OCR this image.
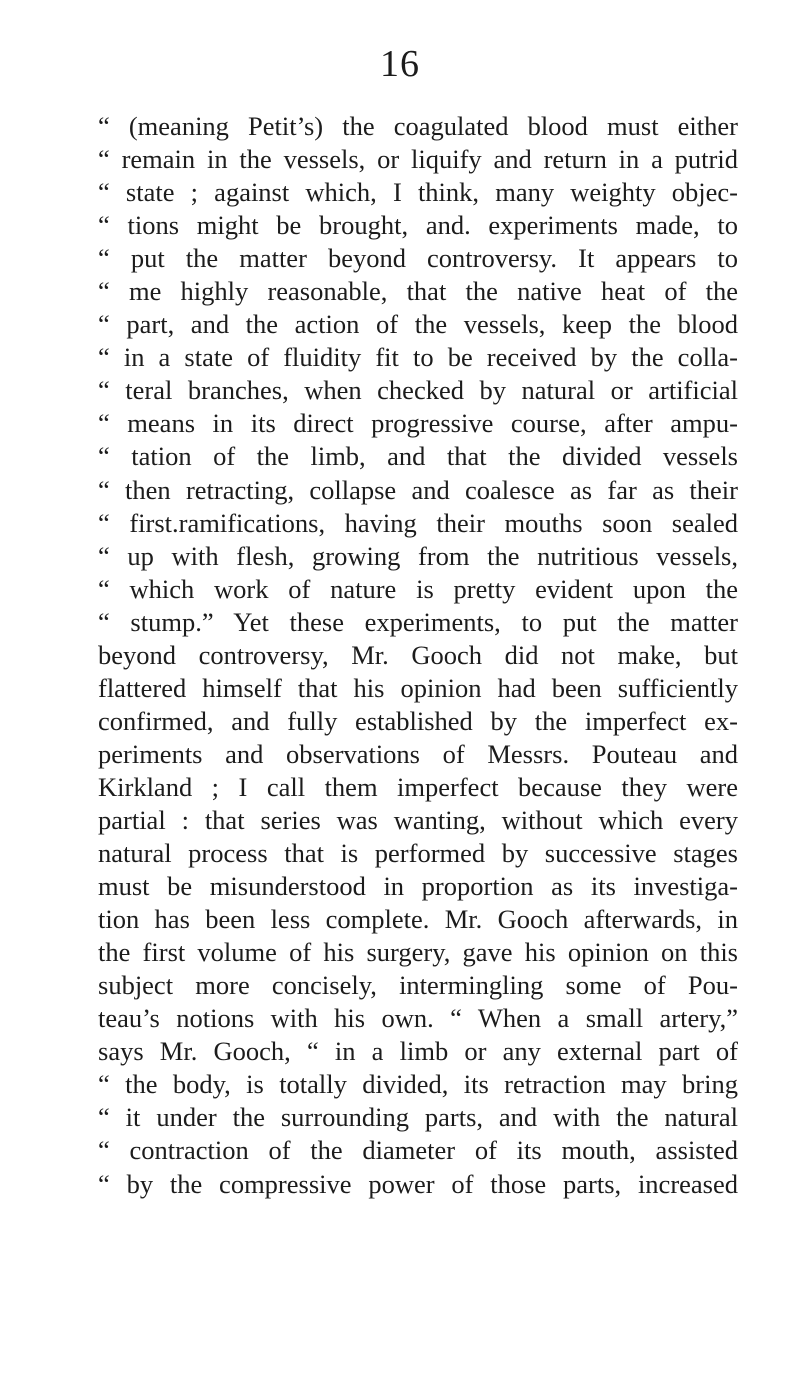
16
“ (meaning Petit’s) the coagulated blood must either
“ remain in the vessels, or liquify and return in a putrid
“ state ; against which, I think, many weighty objec-
“ tions might be brought, and. experiments made, to
“ put the matter beyond controversy. It appears to
“ me highly reasonable, that the native heat of the
“ part, and the action of the vessels, keep the blood
“ in a state of fluidity fit to be received by the colla-
“ teral branches, when checked by natural or artificial
“ means in its direct progressive course, after ampu-
“ tation of the limb, and that the divided vessels
“ then retracting, collapse and coalesce as far as their
“ first.ramifications, having their mouths soon sealed
“ up with flesh, growing from the nutritious vessels,
“ which work of nature is pretty evident upon the
“ stump.” Yet these experiments, to put the matter
beyond controversy, Mr. Gooch did not make, but
flattered himself that his opinion had been sufficiently
confirmed, and fully established by the imperfect ex-
periments and observations of Messrs. Pouteau and
Kirkland ; I call them imperfect because they were
partial : that series was wanting, without which every
natural process that is performed by successive stages
must be misunderstood in proportion as its investiga-
tion has been less complete. Mr. Gooch afterwards, in
the first volume of his surgery, gave his opinion on this
subject more concisely, intermingling some of Pou-
teau’s notions with his own. “ When a small artery,”
says Mr. Gooch, “ in a limb or any external part of
“ the body, is totally divided, its retraction may bring
“ it under the surrounding parts, and with the natural
“ contraction of the diameter of its mouth, assisted
“ by the compressive power of those parts, increased
